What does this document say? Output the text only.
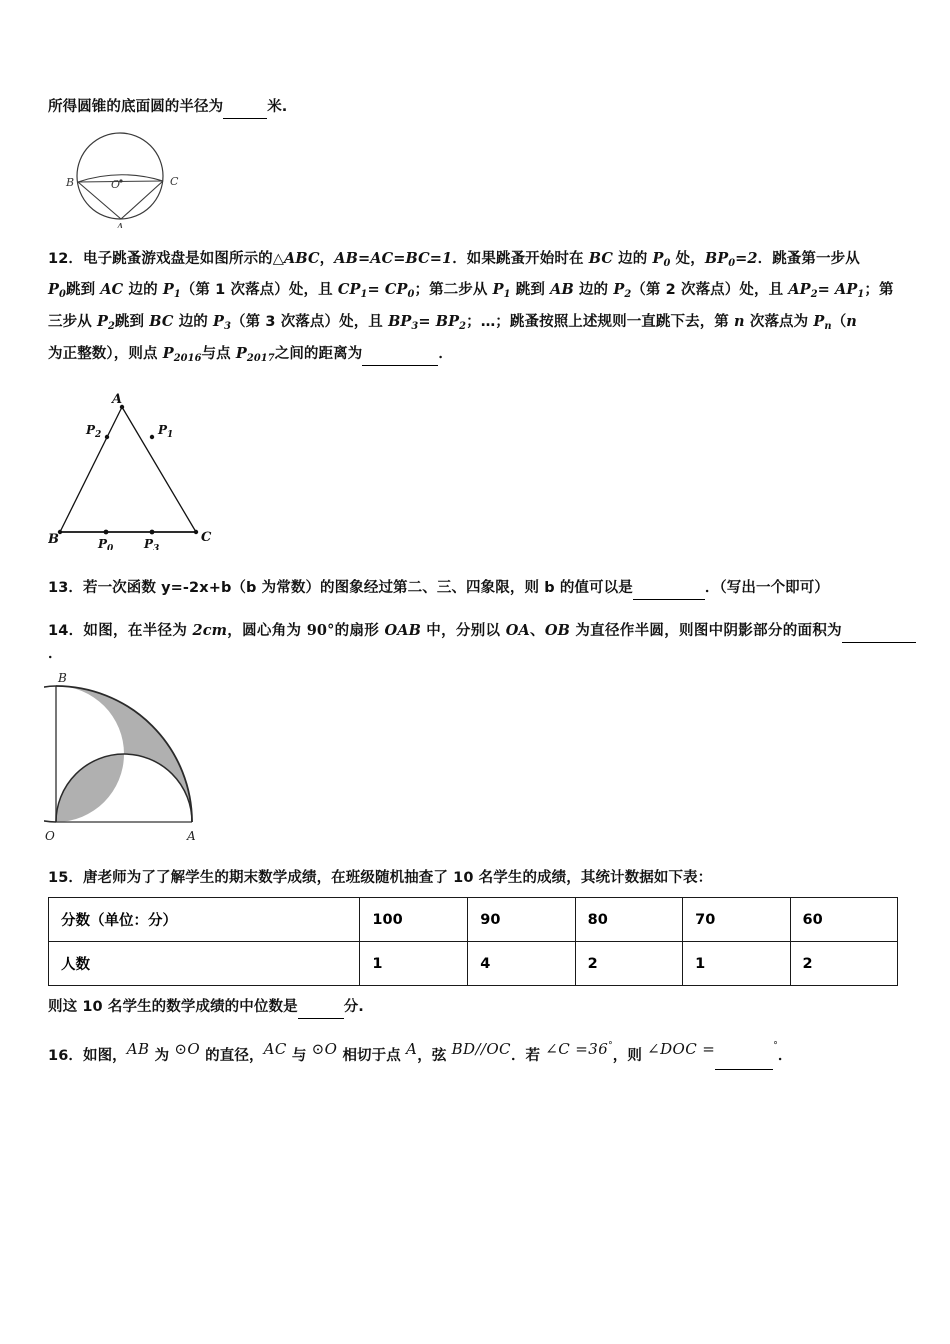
所得圆锥的底面圆的半径为	米.
B	C
O
A
12．电子跳蚤游戏盘是如图所示的△ABC，AB=AC=BC=1．如果跳蚤开始时在 BC 边的 $P_0$ 处，$BP_0=2$．跳蚤第一步从
$P_0$跳到 AC 边的 $P_1$（第 1 次落点）处，且 $CP_1= CP_0$；第二步从 $P_1$ 跳到 AB 边的 $P_2$（第 2 次落点）处，且 $AP_2= AP_1$；第
三步从 $P_2$跳到 BC 边的 $P_3$（第 3 次落点）处，且 $BP_3= BP_2$；…；跳蚤按照上述规则一直跳下去，第 n 次落点为 $P_n(n$
为正整数），则点 $P_{2016}$与点 $P_{2017}$之间的距离为	．
A
B	C
$P_2$	$P_1$
$P_0$	$P_3$
13．若一次函数 y=-2x+b（b 为常数）的图象经过第二、三、四象限，则 b 的值可以是	．（写出一个即可）
14．如图，在半径为 2cm，圆心角为 90°的扇形 OAB 中，分别以 OA、OB 为直径作半圆，则图中阴影部分的面积为  ．
B
O	A
15．唐老师为了了解学生的期末数学成绩，在班级随机抽查了 10 名学生的成绩，其统计数据如下表：
分数（单位：分）	100	90	80	70	60
人数	1	4	2	1	2
则这 10 名学生的数学成绩的中位数是	分.
16．如图，AB 为 ⊙O 的直径，AC 与 ⊙O 相切于点 A，弦 BD//OC．若 ∠C =36°，则 ∠DOC =	°．
